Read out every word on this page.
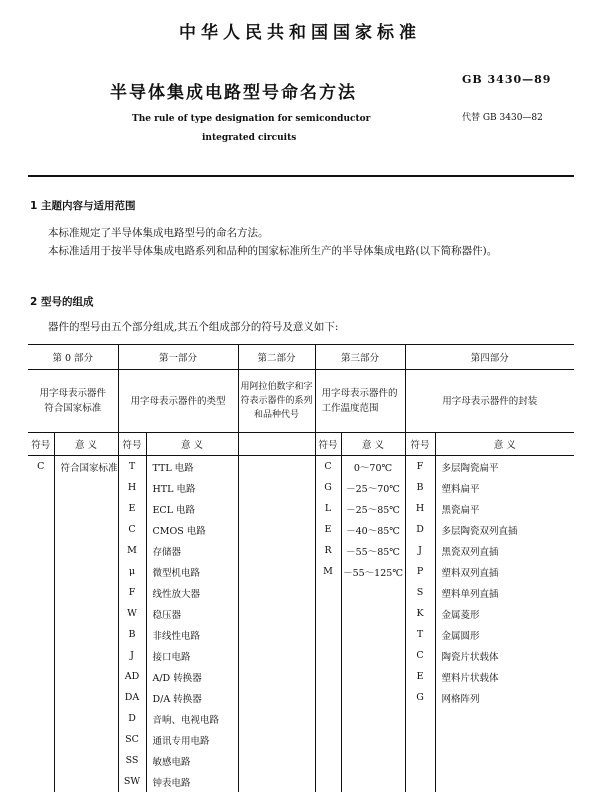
中华人民共和国国家标准
半导体集成电路型号命名方法
GB 3430—89
The rule of type designation for semiconductor	代替 GB 3430—82
integrated circuits
1 主题内容与适用范围
本标准规定了半导体集成电路型号的命名方法。
本标准适用于按半导体集成电路系列和品种的国家标准所生产的半导体集成电路(以下简称器件)。
2 型号的组成
器件的型号由五个部分组成,其五个组成部分的符号及意义如下:
第 0 部分		第一部分		第二部分	第三部分		第四部分	
用字母表示器件符合国家标准		用字母表示器件的类型		用阿拉伯数字和字符表示器件的系列和品种代号	用字母表示器件的工作温度范围		用字母表示器件的封装	
符号	意 义	符号	意 义		符号	意 义	符号	意 义
C	符合国家标准	T	TTL 电路		C	0～70℃	F	多层陶瓷扁平
		H	HTL 电路		G	－25～70℃	B	塑料扁平
		E	ECL 电路		L	－25～85℃	H	黑瓷扁平
		C	CMOS 电路		E	－40～85℃	D	多层陶瓷双列直插
		M	存储器		R	－55～85℃	J	黑瓷双列直插
		μ	微型机电路		M	－55～125℃	P	塑料双列直插
		F	线性放大器				S	塑料单列直插
		W	稳压器				K	金属菱形
		B	非线性电路				T	金属圆形
		J	接口电路				C	陶瓷片状载体
		AD	A/D 转换器				E	塑料片状载体
		DA	D/A 转换器				G	网格阵列
		D	音响、电视电路					
		SC	通讯专用电路					
		SS	敏感电路					
		SW	钟表电路					
